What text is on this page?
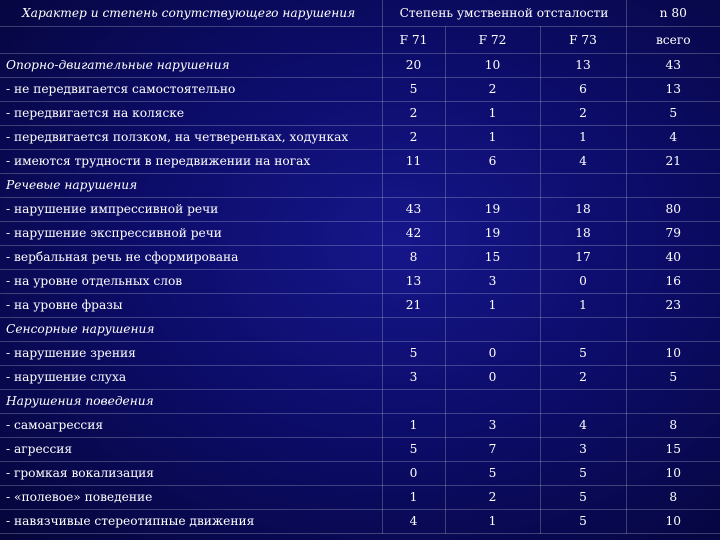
Характер и степень сопутствующего нарушения	Степень умственной отсталости			n 80
	F 71	F 72	F 73	всего
Опорно-двигательные нарушения	20	10	13	43
- не передвигается самостоятельно	5	2	6	13
- передвигается на коляске	2	1	2	5
- передвигается ползком, на четвереньках, ходунках	2	1	1	4
- имеются трудности в передвижении на ногах	11	6	4	21
Речевые нарушения				
- нарушение импрессивной речи	43	19	18	80
- нарушение экспрессивной речи	42	19	18	79
- вербальная речь не сформирована	8	15	17	40
- на уровне отдельных слов	13	3	0	16
- на уровне фразы	21	1	1	23
Сенсорные нарушения				
- нарушение зрения	5	0	5	10
- нарушение слуха	3	0	2	5
Нарушения поведения				
- самоагрессия	1	3	4	8
- агрессия	5	7	3	15
- громкая вокализация	0	5	5	10
- «полевое» поведение	1	2	5	8
- навязчивые стереотипные движения	4	1	5	10
